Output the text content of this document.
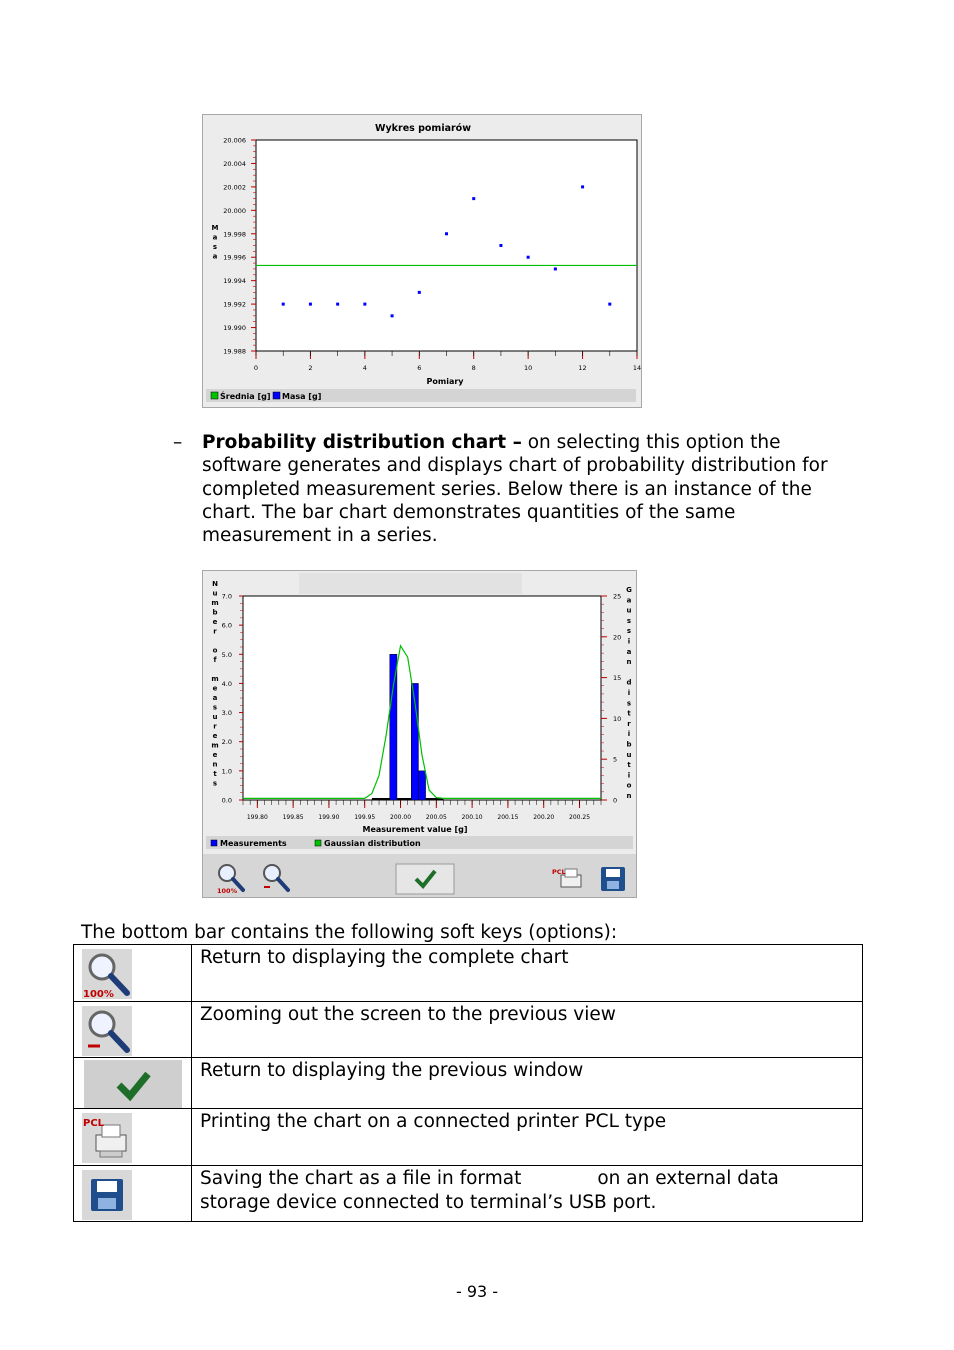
Wykres pomiarów
20.006
20.004
20.002
20.000
19.998
19.996
19.994
19.992
19.990
19.988
0	2	4	6	8	10	12	14
M
a
s
a
Pomiary
Średnia [g] Masa [g]
– Probability distribution chart – on selecting this option the software generates and displays chart of probability distribution for completed measurement series. Below there is an instance of the chart. The bar chart demonstrates quantities of the same measurement in a series.
7.0
6.0
5.0
4.0
3.0
2.0
1.0
0.0
25
20
15
10
5
0
199.80 199.85 199.90 199.95 200.00 200.05 200.10 200.15 200.20 200.25
N
u
m
b
e
r
o
f
m
e
a
s
u
r
e
m
e
n
t
s
G
a
u
s
s
i
a
n
d
i
s
t
r
i
b
u
t
i
o
n
Measurement value [g]
Measurements	Gaussian distribution
100%
PCL
The bottom bar contains the following soft keys (options):
100%	Return to displaying the complete chart

	Zooming out the screen to the previous view

	Return to displaying the previous window

PCL	Printing the chart on a connected printer PCL type

	Saving the chart as a file in format on an external data storage device connected to terminal’s USB port.
- 93 -
